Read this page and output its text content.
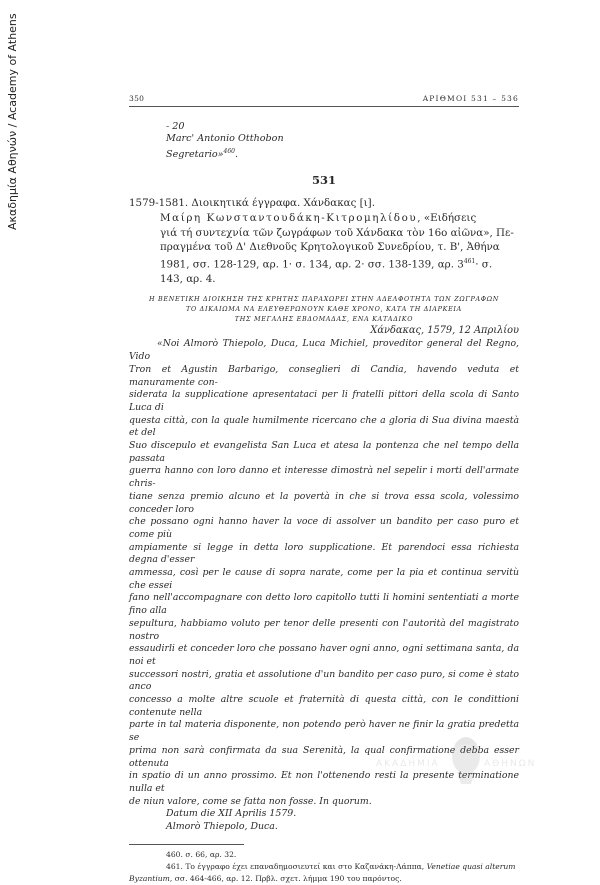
Ακαδημία Αθηνών / Academy of Athens	350	ΑΡΙΘΜΟΙ 531 – 536
- 20
Marc' Antonio Otthobon
Segretario»$^{460}$.
531
1579-1581. Διοικητικά έγγραφα. Χάνδακας [ι].
Μαίρη Κωνσταντουδάκη-Κιτρομηλίδου, «Ειδήσεις
γιά τή συντεχνία τῶν ζωγράφων τοῦ Χάνδακα τὸν 16ο αἰῶνα», Πε-
πραγμένα τοῦ Δ' Διεθνοῦς Κρητολογικοῦ Συνεδρίου, τ. Β', Ἀθήνα
1981, σσ. 128-129, αρ. 1· σ. 134, αρ. 2· σσ. 138-139, αρ. $3^{461}\cdot \sigma$.
143, αρ. 4.
Η ΒΕΝΕΤΙΚΗ ΔΙΟΙΚΗΣΗ ΤΗΣ ΚΡΗΤΗΣ ΠΑΡΑΧΩΡΕΙ ΣΤΗΝ ΑΔΕΛΦΟΤΗΤΑ ΤΩΝ ΖΩΓΡΑΦΩΝ
ΤΟ ΔΙΚΑΙΩΜΑ ΝΑ ΕΛΕΥΘΕΡΩΝΟΥΝ ΚΑΘΕ ΧΡΟΝΟ, ΚΑΤΑ ΤΗ ΔΙΑΡΚΕΙΑ
ΤΗΣ ΜΕΓΑΛΗΣ ΕΒΔΟΜΑΔΑΣ, ΕΝΑ ΚΑΤΑΔΙΚΟ
Χάνδακας, 1579, 12 Απριλίου
«Noi Almorò Thiepolo, Duca, Luca Michiel, proveditor general del Regno, Vido
Tron et Agustin Barbarigo, conseglieri di Candia, havendo veduta et manuramente con-
siderata la supplicatione apresentataci per li fratelli pittori della scola di Santo Luca di
questa città, con la quale humilmente ricercano che a gloria di Sua divina maestà et del
Suo discepulo et evangelista San Luca et atesa la pontenza che nel tempo della passata
guerra hanno con loro danno et interesse dimostrà nel sepelir i morti dell'armate chris-
tiane senza premio alcuno et la povertà in che si trova essa scola, volessimo conceder loro
che possano ogni hanno haver la voce di assolver un bandito per caso puro et come più
ampiamente si legge in detta loro supplicatione. Et parendoci essa richiesta degna d'esser
ammessa, così per le cause di sopra narate, come per la pia et continua servitù che essei
fano nell'accompagnare con detto loro capitollo tutti li homini sententiati a morte fino alla
sepultura, habbiamo voluto per tenor delle presenti con l'autorità del magistrato nostro
essaudirli et conceder loro che possano haver ogni anno, ogni settimana santa, da noi et
successori nostri, gratia et assolutione d'un bandito per caso puro, si come è stato anco
concesso a molte altre scuole et fraternità di questa città, con le condittioni contenute nella
parte in tal materia disponente, non potendo però haver ne finir la gratia predetta se
prima non sarà confirmata da sua Serenità, la qual confirmatione debba esser ottenuta
in spatio di un anno prossimo. Et non l'ottenendo resti la presente terminatione nulla et
de niun valore, come se fatta non fosse. In quorum.
Datum die XII Aprilis 1579.
Almorò Thiepolo, Duca.
460. σ. 66, αρ. 32.
461. Το έγγραφο έχει επαναδημοσιευτεί και στο Καζανάκη-Λάππα, Venetiae quasi alterum
Byzantium, σσ. 464-466, αρ. 12. Πρβλ. σχετ. λήμμα 190 του παρόντος.
ΑΚΑΔΗΜΙΑ	ΑΘΗΝΩΝ
